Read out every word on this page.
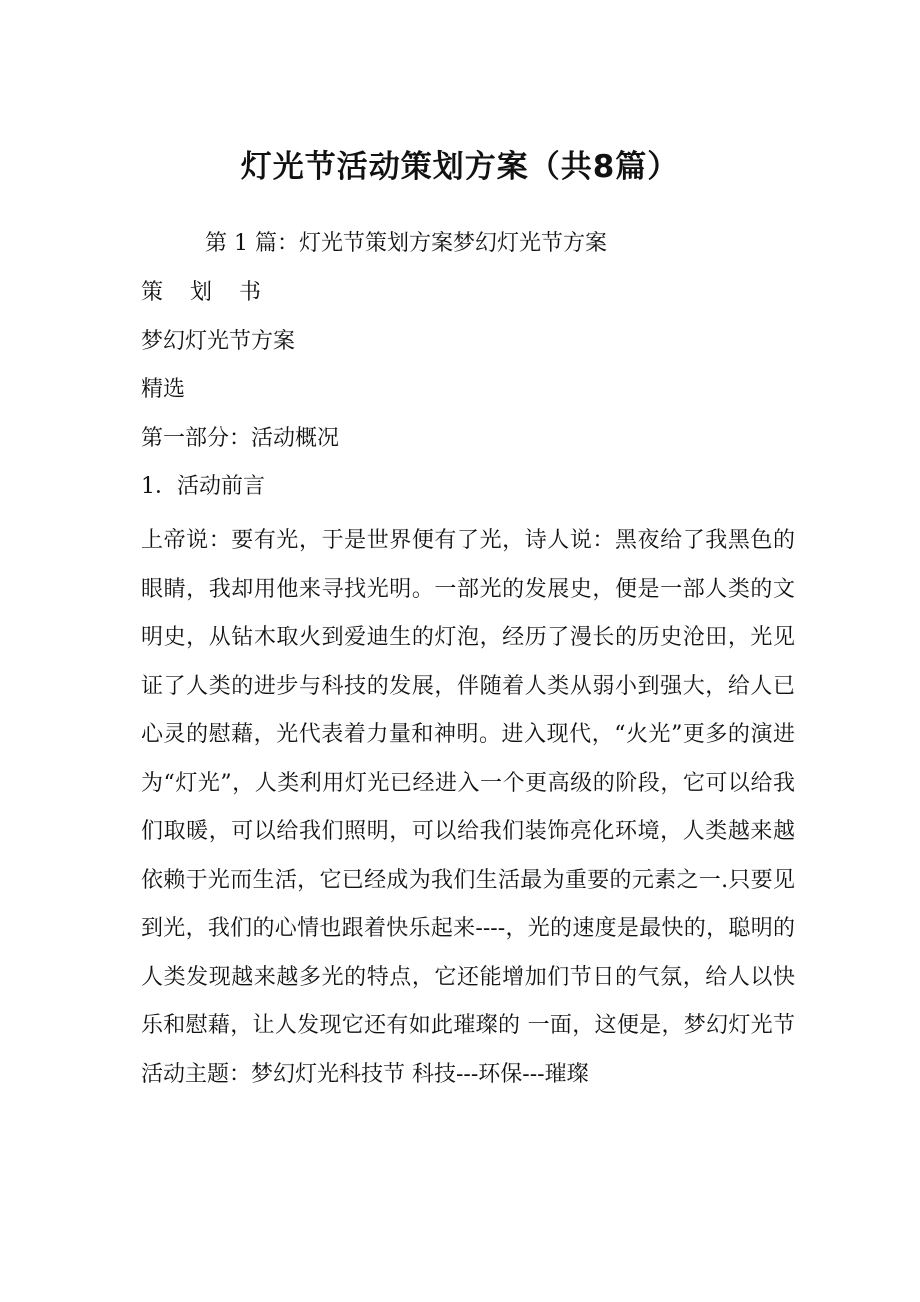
灯光节活动策划方案（共8篇）

第 1 篇：灯光节策划方案梦幻灯光节方案

策 划 书

梦幻灯光节方案

精选

第一部分：活动概况

1．活动前言

上帝说：要有光，于是世界便有了光，诗人说：黑夜给了我黑色的眼睛，我却用他来寻找光明。一部光的发展史，便是一部人类的文明史，从钻木取火到爱迪生的灯泡，经历了漫长的历史沧田，光见证了人类的进步与科技的发展，伴随着人类从弱小到强大，给人已心灵的慰藉，光代表着力量和神明。进入现代，“火光”更多的演进为“灯光”，人类利用灯光已经进入一个更高级的阶段，它可以给我们取暖，可以给我们照明，可以给我们装饰亮化环境，人类越来越依赖于光而生活，它已经成为我们生活最为重要的元素之一.只要见到光，我们的心情也跟着快乐起来----，光的速度是最快的，聪明的人类发现越来越多光的特点，它还能增加们节日的气氛，给人以快乐和慰藉，让人发现它还有如此璀璨的 一面，这便是，梦幻灯光节 活动主题：梦幻灯光科技节 科技---环保---璀璨
